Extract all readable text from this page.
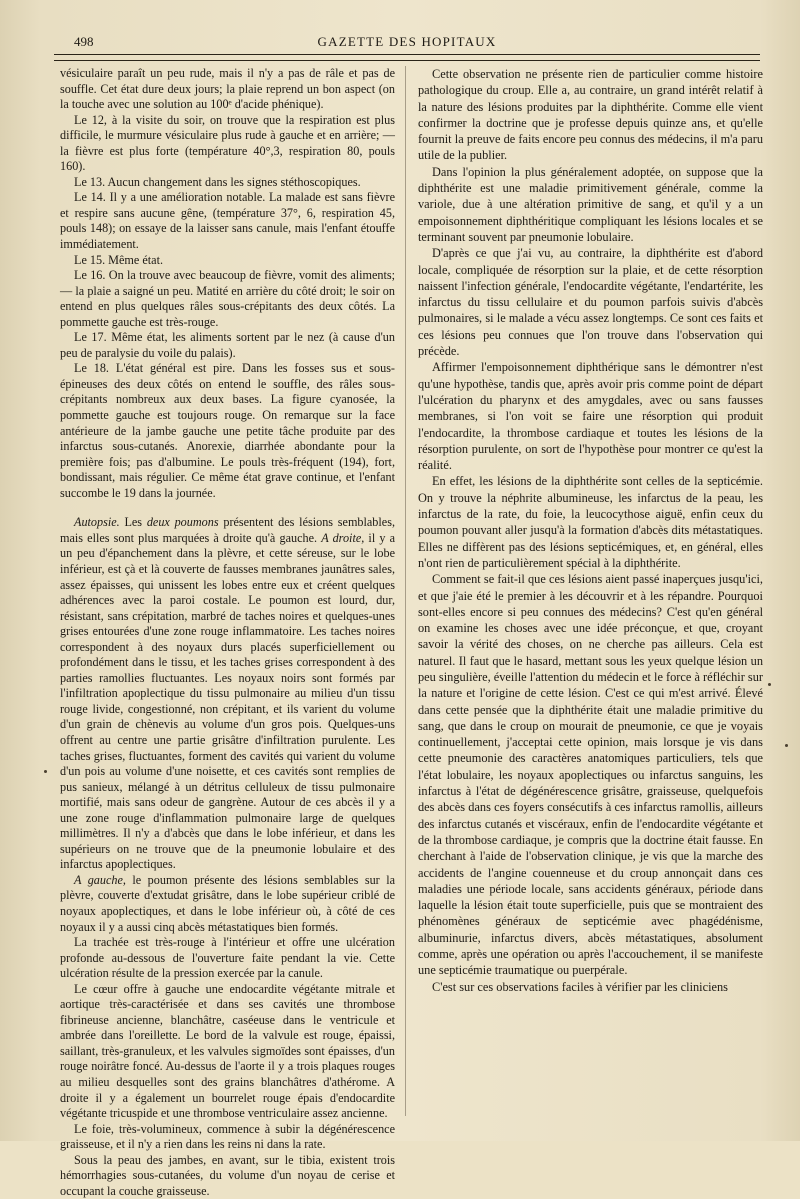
498	GAZETTE DES HOPITAUX

vésiculaire paraît un peu rude, mais il n'y a pas de râle et pas de souffle. Cet état dure deux jours; la plaie reprend un bon aspect (on la touche avec une solution au 100ᵉ d'acide phénique).

Le 12, à la visite du soir, on trouve que la respiration est plus difficile, le murmure vésiculaire plus rude à gauche et en arrière; — la fièvre est plus forte (température 40°,3, respiration 80, pouls 160).

Le 13. Aucun changement dans les signes stéthoscopiques.

Le 14. Il y a une amélioration notable. La malade est sans fièvre et respire sans aucune gêne, (température 37°, 6, respiration 45, pouls 148); on essaye de la laisser sans canule, mais l'enfant étouffe immédiatement.

Le 15. Même état.

Le 16. On la trouve avec beaucoup de fièvre, vomit des aliments; — la plaie a saigné un peu. Matité en arrière du côté droit; le soir on entend en plus quelques râles sous-crépitants des deux côtés. La pommette gauche est très-rouge.

Le 17. Même état, les aliments sortent par le nez (à cause d'un peu de paralysie du voile du palais).

Le 18. L'état général est pire. Dans les fosses sus et sous-épineuses des deux côtés on entend le souffle, des râles sous-crépitants nombreux aux deux bases. La figure cyanosée, la pommette gauche est toujours rouge. On remarque sur la face antérieure de la jambe gauche une petite tâche produite par des infarctus sous-cutanés. Anorexie, diarrhée abondante pour la première fois; pas d'albumine. Le pouls très-fréquent (194), fort, bondissant, mais régulier. Ce même état grave continue, et l'enfant succombe le 19 dans la journée.

Autopsie. Les deux poumons présentent des lésions semblables, mais elles sont plus marquées à droite qu'à gauche. A droite, il y a un peu d'épanchement dans la plèvre, et cette séreuse, sur le lobe inférieur, est çà et là couverte de fausses membranes jaunâtres sales, assez épaisses, qui unissent les lobes entre eux et créent quelques adhérences avec la paroi costale. Le poumon est lourd, dur, résistant, sans crépitation, marbré de taches noires et quelques-unes grises entourées d'une zone rouge inflammatoire. Les taches noires correspondent à des noyaux durs placés superficiellement ou profondément dans le tissu, et les taches grises correspondent à des parties ramollies fluctuantes. Les noyaux noirs sont formés par l'infiltration apoplectique du tissu pulmonaire au milieu d'un tissu rouge livide, congestionné, non crépitant, et ils varient du volume d'un grain de chènevis au volume d'un gros pois. Quelques-uns offrent au centre une partie grisâtre d'infiltration purulente. Les taches grises, fluctuantes, forment des cavités qui varient du volume d'un pois au volume d'une noisette, et ces cavités sont remplies de pus sanieux, mélangé à un détritus celluleux de tissu pulmonaire mortifié, mais sans odeur de gangrène. Autour de ces abcès il y a une zone rouge d'inflammation pulmonaire large de quelques millimètres. Il n'y a d'abcès que dans le lobe inférieur, et dans les supérieurs on ne trouve que de la pneumonie lobulaire et des infarctus apoplectiques.

A gauche, le poumon présente des lésions semblables sur la plèvre, couverte d'extudat grisâtre, dans le lobe supérieur criblé de noyaux apoplectiques, et dans le lobe inférieur où, à côté de ces noyaux il y a aussi cinq abcès métastatiques bien formés.

La trachée est très-rouge à l'intérieur et offre une ulcération profonde au-dessous de l'ouverture faite pendant la vie. Cette ulcération résulte de la pression exercée par la canule.

Le cœur offre à gauche une endocardite végétante mitrale et aortique très-caractérisée et dans ses cavités une thrombose fibrineuse ancienne, blanchâtre, caséeuse dans le ventricule et ambrée dans l'oreillette. Le bord de la valvule est rouge, épaissi, saillant, très-granuleux, et les valvules sigmoïdes sont épaisses, d'un rouge noirâtre foncé. Au-dessus de l'aorte il y a trois plaques rouges au milieu desquelles sont des grains blanchâtres d'athérome. A droite il y a également un bourrelet rouge épais d'endocardite végétante tricuspide et une thrombose ventriculaire assez ancienne.

Le foie, très-volumineux, commence à subir la dégénérescence graisseuse, et il n'y a rien dans les reins ni dans la rate.

Sous la peau des jambes, en avant, sur le tibia, existent trois hémorrhagies sous-cutanées, du volume d'un noyau de cerise et occupant la couche graisseuse.

Cette observation ne présente rien de particulier comme histoire pathologique du croup. Elle a, au contraire, un grand intérêt relatif à la nature des lésions produites par la diphthérite. Comme elle vient confirmer la doctrine que je professe depuis quinze ans, et qu'elle fournit la preuve de faits encore peu connus des médecins, il m'a paru utile de la publier.

Dans l'opinion la plus généralement adoptée, on suppose que la diphthérite est une maladie primitivement générale, comme la variole, due à une altération primitive de sang, et qu'il y a un empoisonnement diphthéritique compliquant les lésions locales et se terminant souvent par pneumonie lobulaire.

D'après ce que j'ai vu, au contraire, la diphthérite est d'abord locale, compliquée de résorption sur la plaie, et de cette résorption naissent l'infection générale, l'endocardite végétante, l'endartérite, les infarctus du tissu cellulaire et du poumon parfois suivis d'abcès pulmonaires, si le malade a vécu assez longtemps. Ce sont ces faits et ces lésions peu connues que l'on trouve dans l'observation qui précède.

Affirmer l'empoisonnement diphthérique sans le démontrer n'est qu'une hypothèse, tandis que, après avoir pris comme point de départ l'ulcération du pharynx et des amygdales, avec ou sans fausses membranes, si l'on voit se faire une résorption qui produit l'endocardite, la thrombose cardiaque et toutes les lésions de la résorption purulente, on sort de l'hypothèse pour montrer ce qu'est la réalité.

En effet, les lésions de la diphthérite sont celles de la septicémie. On y trouve la néphrite albumineuse, les infarctus de la peau, les infarctus de la rate, du foie, la leucocythose aiguë, enfin ceux du poumon pouvant aller jusqu'à la formation d'abcès dits métastatiques. Elles ne diffèrent pas des lésions septicémiques, et, en général, elles n'ont rien de particulièrement spécial à la diphthérite.

Comment se fait-il que ces lésions aient passé inaperçues jusqu'ici, et que j'aie été le premier à les découvrir et à les répandre. Pourquoi sont-elles encore si peu connues des médecins? C'est qu'en général on examine les choses avec une idée préconçue, et que, croyant savoir la vérité des choses, on ne cherche pas ailleurs. Cela est naturel. Il faut que le hasard, mettant sous les yeux quelque lésion un peu singulière, éveille l'attention du médecin et le force à réfléchir sur la nature et l'origine de cette lésion. C'est ce qui m'est arrivé. Élevé dans cette pensée que la diphthérite était une maladie primitive du sang, que dans le croup on mourait de pneumonie, ce que je voyais continuellement, j'acceptai cette opinion, mais lorsque je vis dans cette pneumonie des caractères anatomiques particuliers, tels que l'état lobulaire, les noyaux apoplectiques ou infarctus sanguins, les infarctus à l'état de dégénérescence grisâtre, graisseuse, quelquefois des abcès dans ces foyers consécutifs à ces infarctus ramollis, ailleurs des infarctus cutanés et viscéraux, enfin de l'endocardite végétante et de la thrombose cardiaque, je compris que la doctrine était fausse. En cherchant à l'aide de l'observation clinique, je vis que la marche des accidents de l'angine couenneuse et du croup annonçait dans ces maladies une période locale, sans accidents généraux, période dans laquelle la lésion était toute superficielle, puis que se montraient des phénomènes généraux de septicémie avec phagédénisme, albuminurie, infarctus divers, abcès métastatiques, absolument comme, après une opération ou après l'accouchement, il se manifeste une septicémie traumatique ou puerpérale.

C'est sur ces observations faciles à vérifier par les cliniciens
